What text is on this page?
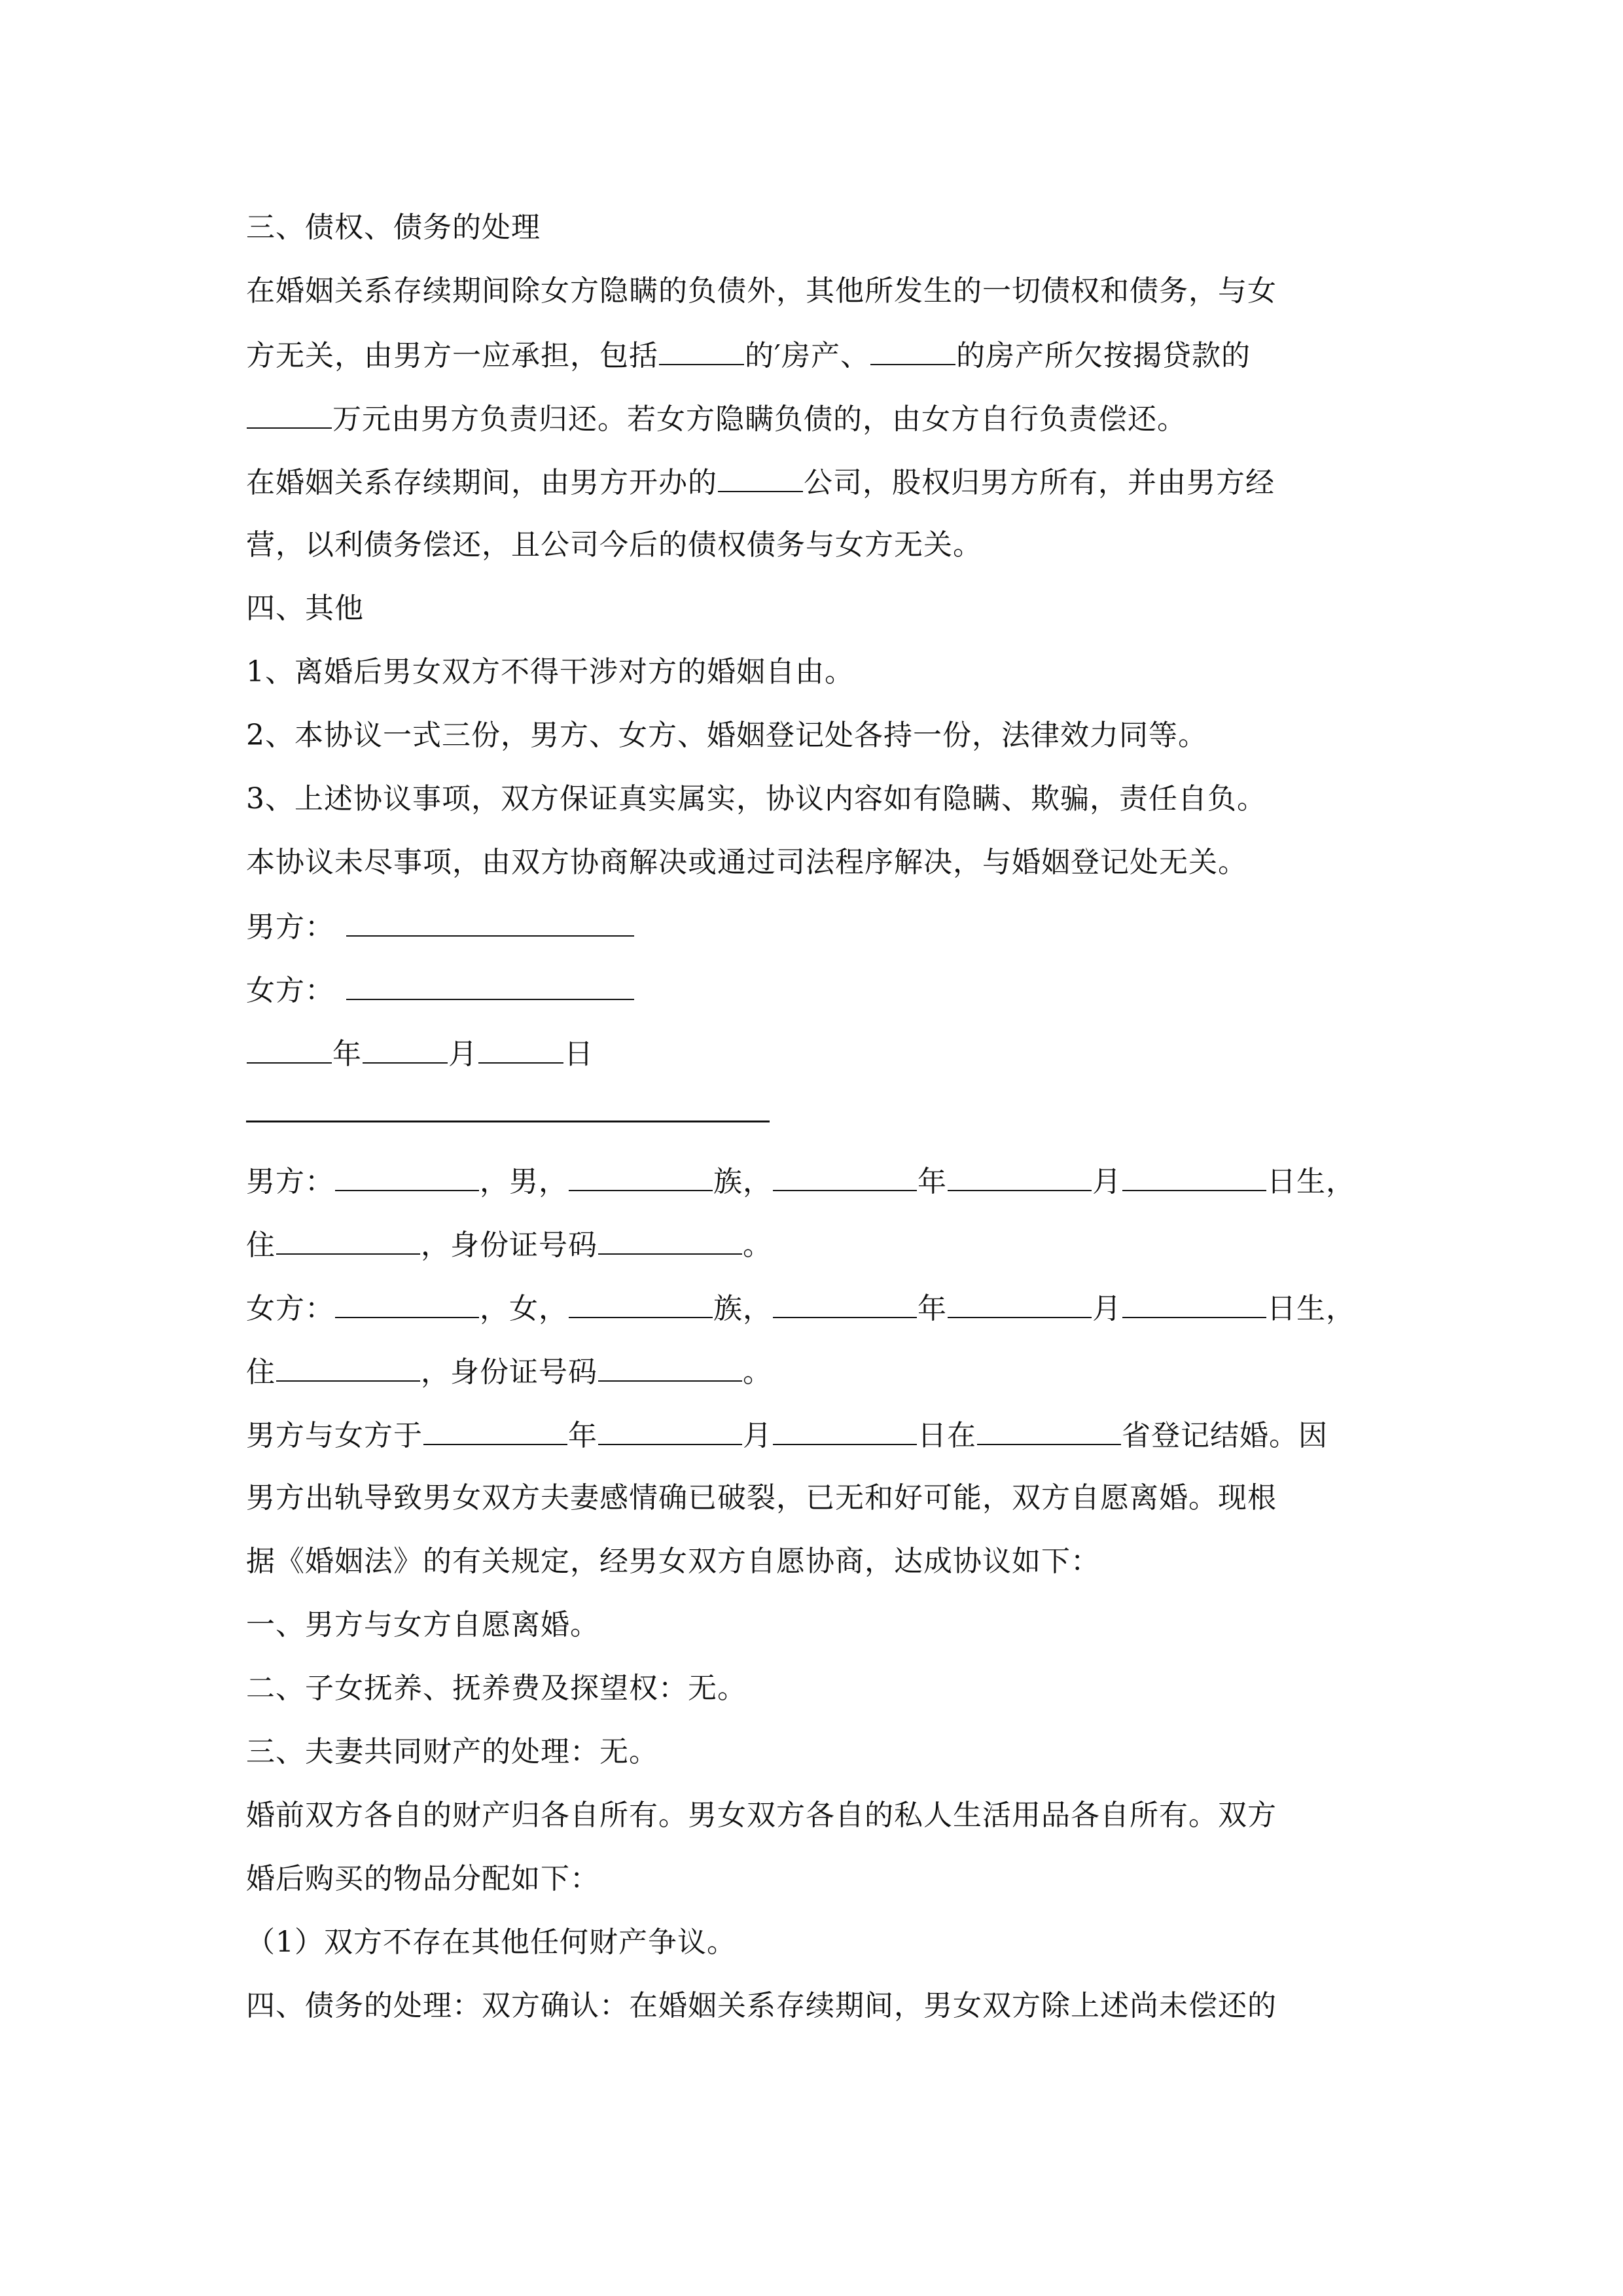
三、债权、债务的处理
在婚姻关系存续期间除女方隐瞒的负债外，其他所发生的一切债权和债务，与女
方无关，由男方一应承担，包括	的′房产、	的房产所欠按揭贷款的
万元由男方负责归还。若女方隐瞒负债的，由女方自行负责偿还。
在婚姻关系存续期间，由男方开办的	公司，股权归男方所有，并由男方经
营，以利债务偿还，且公司今后的债权债务与女方无关。
四、其他
1、离婚后男女双方不得干涉对方的婚姻自由。
2、本协议一式三份，男方、女方、婚姻登记处各持一份，法律效力同等。
3、上述协议事项，双方保证真实属实，协议内容如有隐瞒、欺骗，责任自负。
本协议未尽事项，由双方协商解决或通过司法程序解决，与婚姻登记处无关。
男方：
女方：
年	月	日
男方：	，男，	族，	年	月	日生，
住	，身份证号码	。
女方：	，女，	族，	年	月	日生，
住	，身份证号码	。
男方与女方于	年	月	日在	省登记结婚。因
男方出轨导致男女双方夫妻感情确已破裂，已无和好可能，双方自愿离婚。现根
据《婚姻法》的有关规定，经男女双方自愿协商，达成协议如下：
一、男方与女方自愿离婚。
二、子女抚养、抚养费及探望权：无。
三、夫妻共同财产的处理：无。
婚前双方各自的财产归各自所有。男女双方各自的私人生活用品各自所有。双方
婚后购买的物品分配如下：
（1）双方不存在其他任何财产争议。
四、债务的处理：双方确认：在婚姻关系存续期间，男女双方除上述尚未偿还的
